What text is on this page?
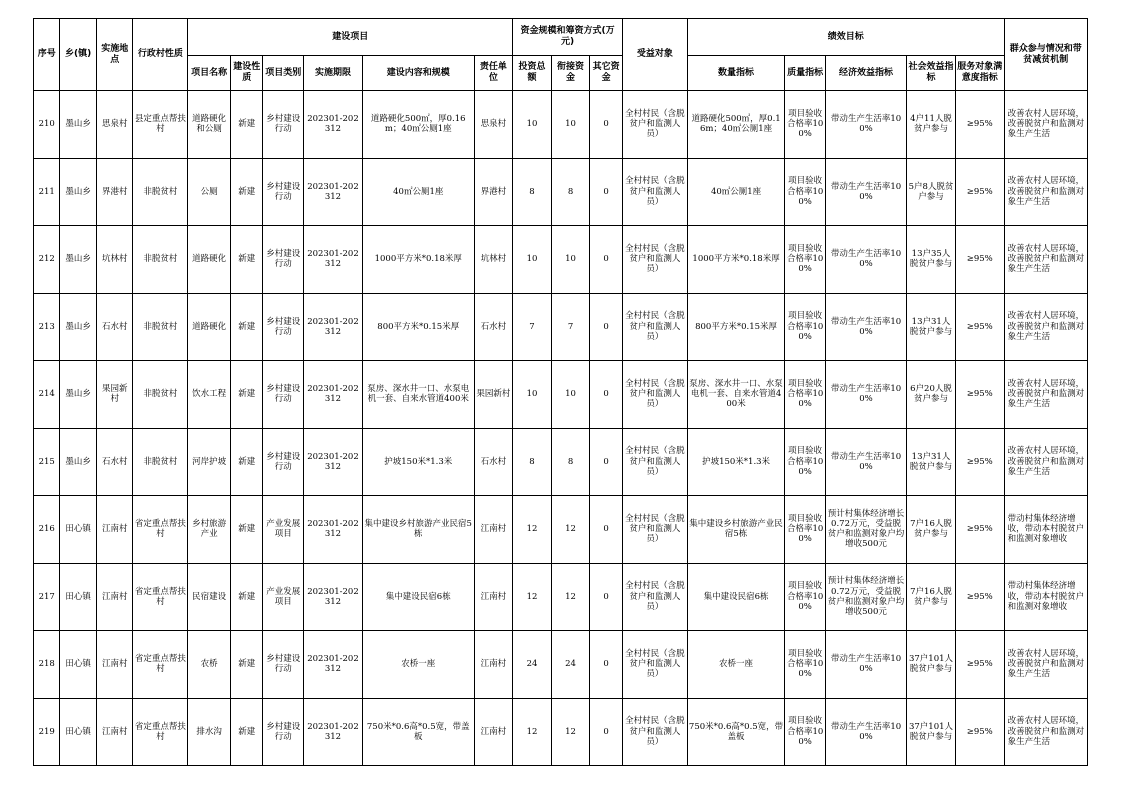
序号	乡(镇)	实施地点	行政村性质	建设项目						资金规模和筹资方式(万元)			受益对象	绩效目标					群众参与情况和带贫减贫机制
				项目名称	建设性质	项目类别	实施期限	建设内容和规模	责任单位	投资总额	衔接资金	其它资金		数量指标	质量指标	经济效益指标	社会效益指标	服务对象满意度指标	
210	墨山乡	思泉村	县定重点帮扶村	道路硬化和公厕	新建	乡村建设行动	202301-202312	道路硬化500㎡，厚0.16m；40㎡公厕1座	思泉村	10	10	0	全村村民（含脱贫户和监测人员）	道路硬化500㎡，厚0.16m；40㎡公厕1座	项目验收合格率100%	带动生产生活率100%	4户11人脱贫户参与	≥95%	改善农村人居环境，改善脱贫户和监测对象生产生活
211	墨山乡	界港村	非脱贫村	公厕	新建	乡村建设行动	202301-202312	40㎡公厕1座	界港村	8	8	0	全村村民（含脱贫户和监测人员）	40㎡公厕1座	项目验收合格率100%	带动生产生活率100%	5户8人脱贫户参与	≥95%	改善农村人居环境，改善脱贫户和监测对象生产生活
212	墨山乡	坑林村	非脱贫村	道路硬化	新建	乡村建设行动	202301-202312	1000平方米*0.18米厚	坑林村	10	10	0	全村村民（含脱贫户和监测人员）	1000平方米*0.18米厚	项目验收合格率100%	带动生产生活率100%	13户35人脱贫户参与	≥95%	改善农村人居环境，改善脱贫户和监测对象生产生活
213	墨山乡	石水村	非脱贫村	道路硬化	新建	乡村建设行动	202301-202312	800平方米*0.15米厚	石水村	7	7	0	全村村民（含脱贫户和监测人员）	800平方米*0.15米厚	项目验收合格率100%	带动生产生活率100%	13户31人脱贫户参与	≥95%	改善农村人居环境，改善脱贫户和监测对象生产生活
214	墨山乡	果园新村	非脱贫村	饮水工程	新建	乡村建设行动	202301-202312	泵房、深水井一口、水泵电机一套、自来水管道400米	果园新村	10	10	0	全村村民（含脱贫户和监测人员）	泵房、深水井一口、水泵电机一套、自来水管道400米	项目验收合格率100%	带动生产生活率100%	6户20人脱贫户参与	≥95%	改善农村人居环境，改善脱贫户和监测对象生产生活
215	墨山乡	石水村	非脱贫村	河岸护坡	新建	乡村建设行动	202301-202312	护坡150米*1.3米	石水村	8	8	0	全村村民（含脱贫户和监测人员）	护坡150米*1.3米	项目验收合格率100%	带动生产生活率100%	13户31人脱贫户参与	≥95%	改善农村人居环境，改善脱贫户和监测对象生产生活
216	田心镇	江南村	省定重点帮扶村	乡村旅游产业	新建	产业发展项目	202301-202312	集中建设乡村旅游产业民宿5栋	江南村	12	12	0	全村村民（含脱贫户和监测人员）	集中建设乡村旅游产业民宿5栋	项目验收合格率100%	预计村集体经济增长0.72万元，受益脱贫户和监测对象户均增收500元	7户16人脱贫户参与	≥95%	带动村集体经济增收，带动本村脱贫户和监测对象增收
217	田心镇	江南村	省定重点帮扶村	民宿建设	新建	产业发展项目	202301-202312	集中建设民宿6栋	江南村	12	12	0	全村村民（含脱贫户和监测人员）	集中建设民宿6栋	项目验收合格率100%	预计村集体经济增长0.72万元，受益脱贫户和监测对象户均增收500元	7户16人脱贫户参与	≥95%	带动村集体经济增收，带动本村脱贫户和监测对象增收
218	田心镇	江南村	省定重点帮扶村	农桥	新建	乡村建设行动	202301-202312	农桥一座	江南村	24	24	0	全村村民（含脱贫户和监测人员）	农桥一座	项目验收合格率100%	带动生产生活率100%	37户101人脱贫户参与	≥95%	改善农村人居环境，改善脱贫户和监测对象生产生活
219	田心镇	江南村	省定重点帮扶村	排水沟	新建	乡村建设行动	202301-202312	750米*0.6高*0.5宽，带盖板	江南村	12	12	0	全村村民（含脱贫户和监测人员）	750米*0.6高*0.5宽，带盖板	项目验收合格率100%	带动生产生活率100%	37户101人脱贫户参与	≥95%	改善农村人居环境，改善脱贫户和监测对象生产生活
